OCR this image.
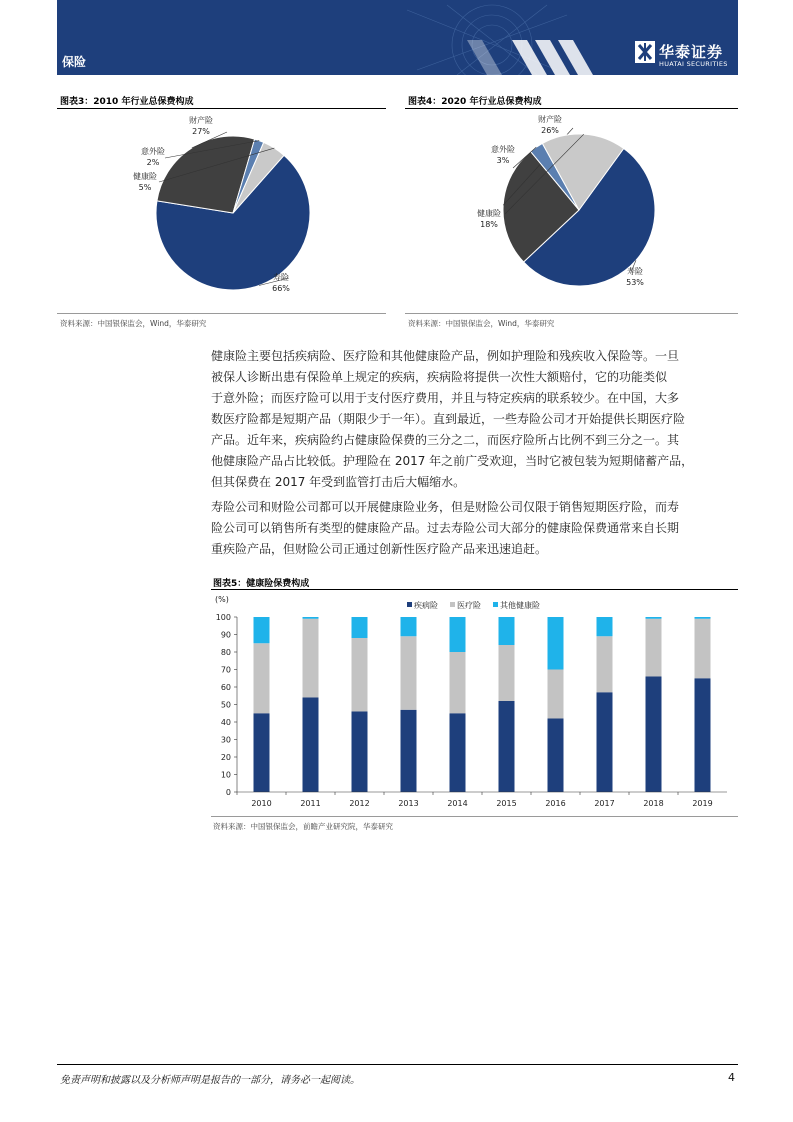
保险
华泰证券
HUATAI SECURITIES
图表3：2010 年行业总保费构成
寿险
66%
财产险
27%
意外险
2%
健康险
5%
资料来源：中国银保监会，Wind，华泰研究
图表4：2020 年行业总保费构成
寿险
53%
财产险
26%
意外险
3%
健康险
18%
资料来源：中国银保监会，Wind，华泰研究
健康险主要包括疾病险、医疗险和其他健康险产品，例如护理险和残疾收入保险等。一旦
被保人诊断出患有保险单上规定的疾病，疾病险将提供一次性大额赔付，它的功能类似
于意外险；而医疗险可以用于支付医疗费用，并且与特定疾病的联系较少。在中国，大多
数医疗险都是短期产品（期限少于一年）。直到最近，一些寿险公司才开始提供长期医疗险
产品。近年来，疾病险约占健康险保费的三分之二，而医疗险所占比例不到三分之一。其
他健康险产品占比较低。护理险在 2017 年之前广受欢迎，当时它被包装为短期储蓄产品，
但其保费在 2017 年受到监管打击后大幅缩水。
寿险公司和财险公司都可以开展健康险业务，但是财险公司仅限于销售短期医疗险，而寿
险公司可以销售所有类型的健康险产品。过去寿险公司大部分的健康险保费通常来自长期
重疾险产品，但财险公司正通过创新性医疗险产品来迅速追赶。
图表5：健康险保费构成
(%)
0
10
20
30
40
50
60
70
80
90
100
2010	2011	2012	2013	2014	2015	2016	2017	2018	2019
疾病险 医疗险 其他健康险
资料来源：中国银保监会，前瞻产业研究院，华泰研究
免责声明和披露以及分析师声明是报告的一部分，请务必一起阅读。	4
